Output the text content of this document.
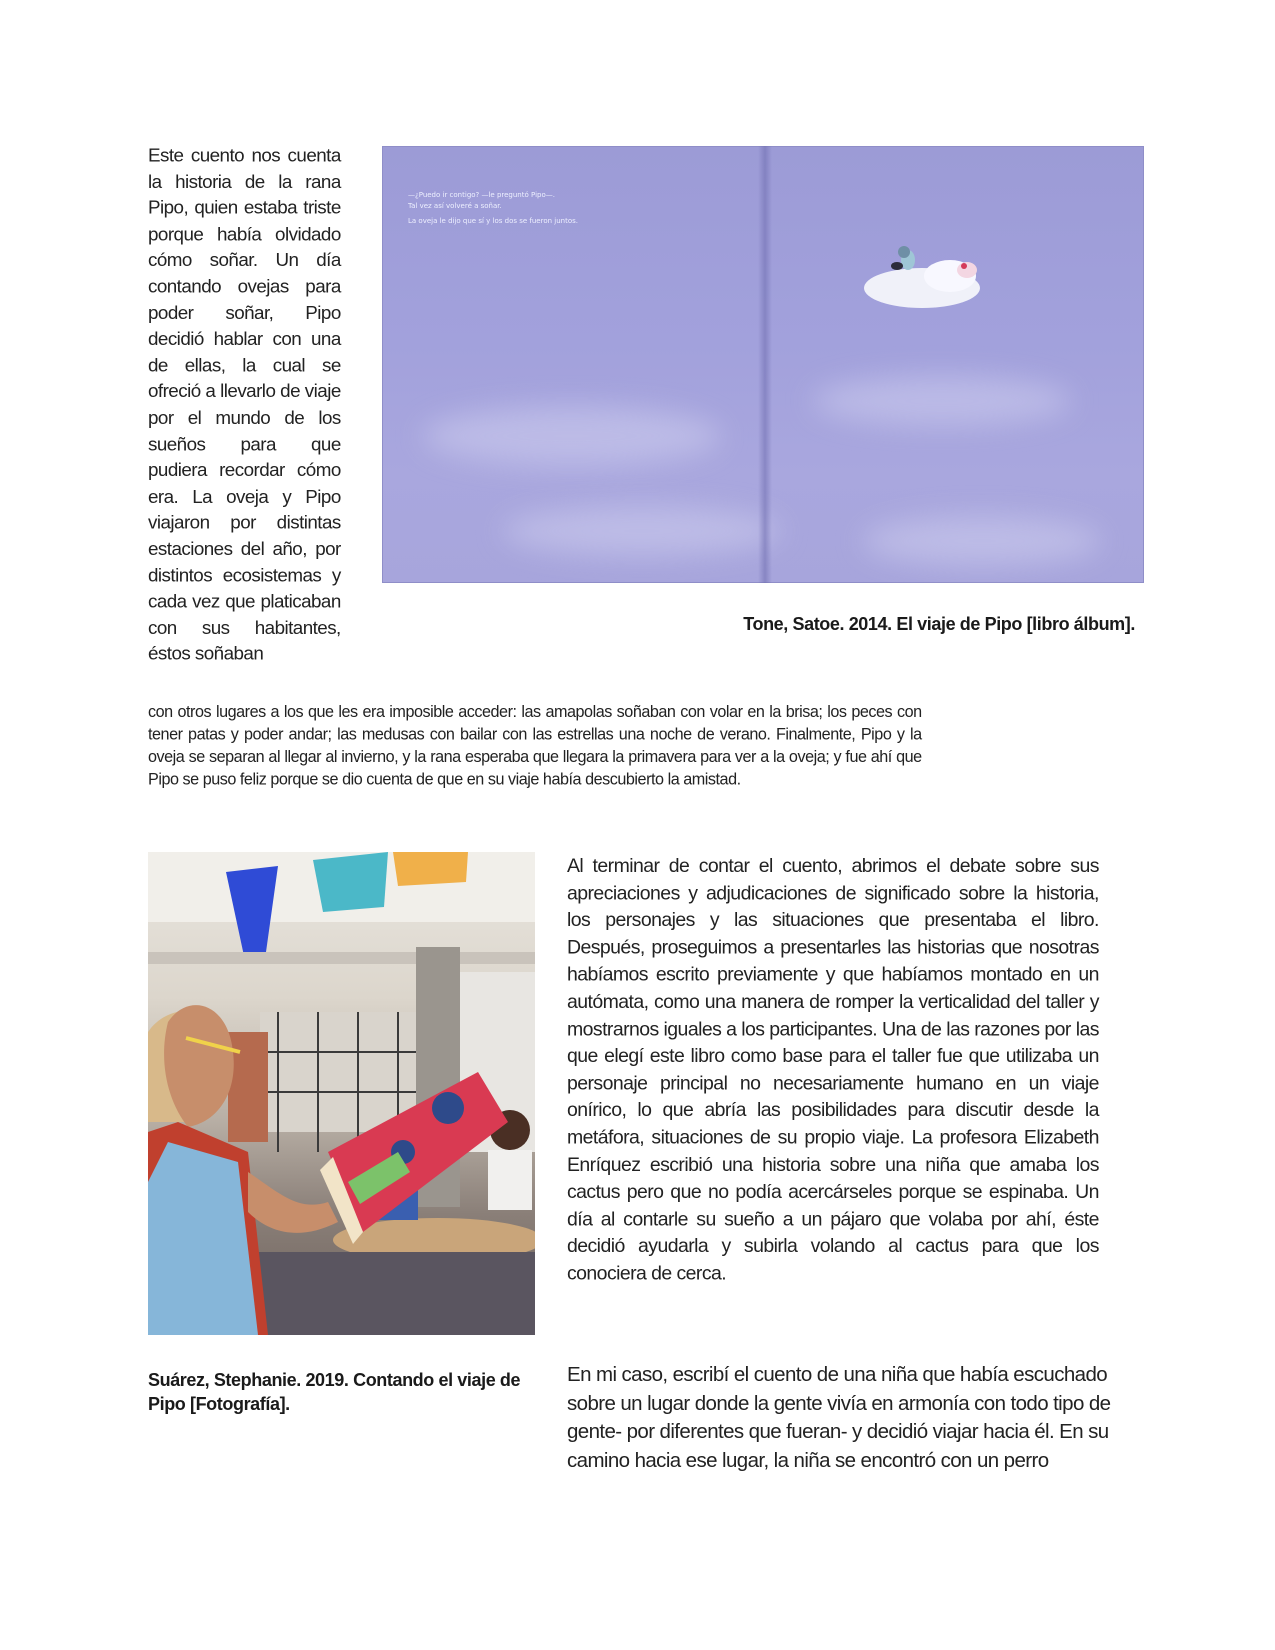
Este cuento nos cuenta la historia de la rana Pipo, quien estaba triste porque había olvidado cómo soñar. Un día contando ovejas para poder soñar, Pipo decidió hablar con una de ellas, la cual se ofreció a llevarlo de viaje por el mundo de los sueños para que pudiera recordar cómo era. La oveja y Pipo viajaron por distintas estaciones del año, por distintos ecosistemas y cada vez que platicaban con sus habitantes, éstos soñaban

—¿Puedo ir contigo? —le preguntó Pipo—.
Tal vez así volveré a soñar.
La oveja le dijo que sí y los dos se fueron juntos.
Tone, Satoe. 2014. El viaje de Pipo [libro álbum].

con otros lugares a los que les era imposible acceder: las amapolas soñaban con volar en la brisa; los peces con tener patas y poder andar; las medusas con bailar con las estrellas una noche de verano. Finalmente, Pipo y la oveja se separan al llegar al invierno, y la rana esperaba que llegara la primavera para ver a la oveja; y fue ahí que Pipo se puso feliz porque se dio cuenta de que en su viaje había descubierto la amistad.

Suárez, Stephanie. 2019. Contando el viaje de Pipo [Fotografía].

Al terminar de contar el cuento, abrimos el debate sobre sus apreciaciones y adjudicaciones de significado sobre la historia, los personajes y las situaciones que presentaba el libro. Después, proseguimos a presentarles las historias que nosotras habíamos escrito previamente y que habíamos montado en un autómata, como una manera de romper la verticalidad del taller y mostrarnos iguales a los participantes. Una de las razones por las que elegí este libro como base para el taller fue que utilizaba un personaje principal no necesariamente humano en un viaje onírico, lo que abría las posibilidades para discutir desde la metáfora, situaciones de su propio viaje. La profesora Elizabeth Enríquez escribió una historia sobre una niña que amaba los cactus pero que no podía acercárseles porque se espinaba. Un día al contarle su sueño a un pájaro que volaba por ahí, éste decidió ayudarla y subirla volando al cactus para que los conociera de cerca.

En mi caso, escribí el cuento de una niña que había escuchado sobre un lugar donde la gente vivía en armonía con todo tipo de gente- por diferentes que fueran- y decidió viajar hacia él. En su camino hacia ese lugar, la niña se encontró con un perro
